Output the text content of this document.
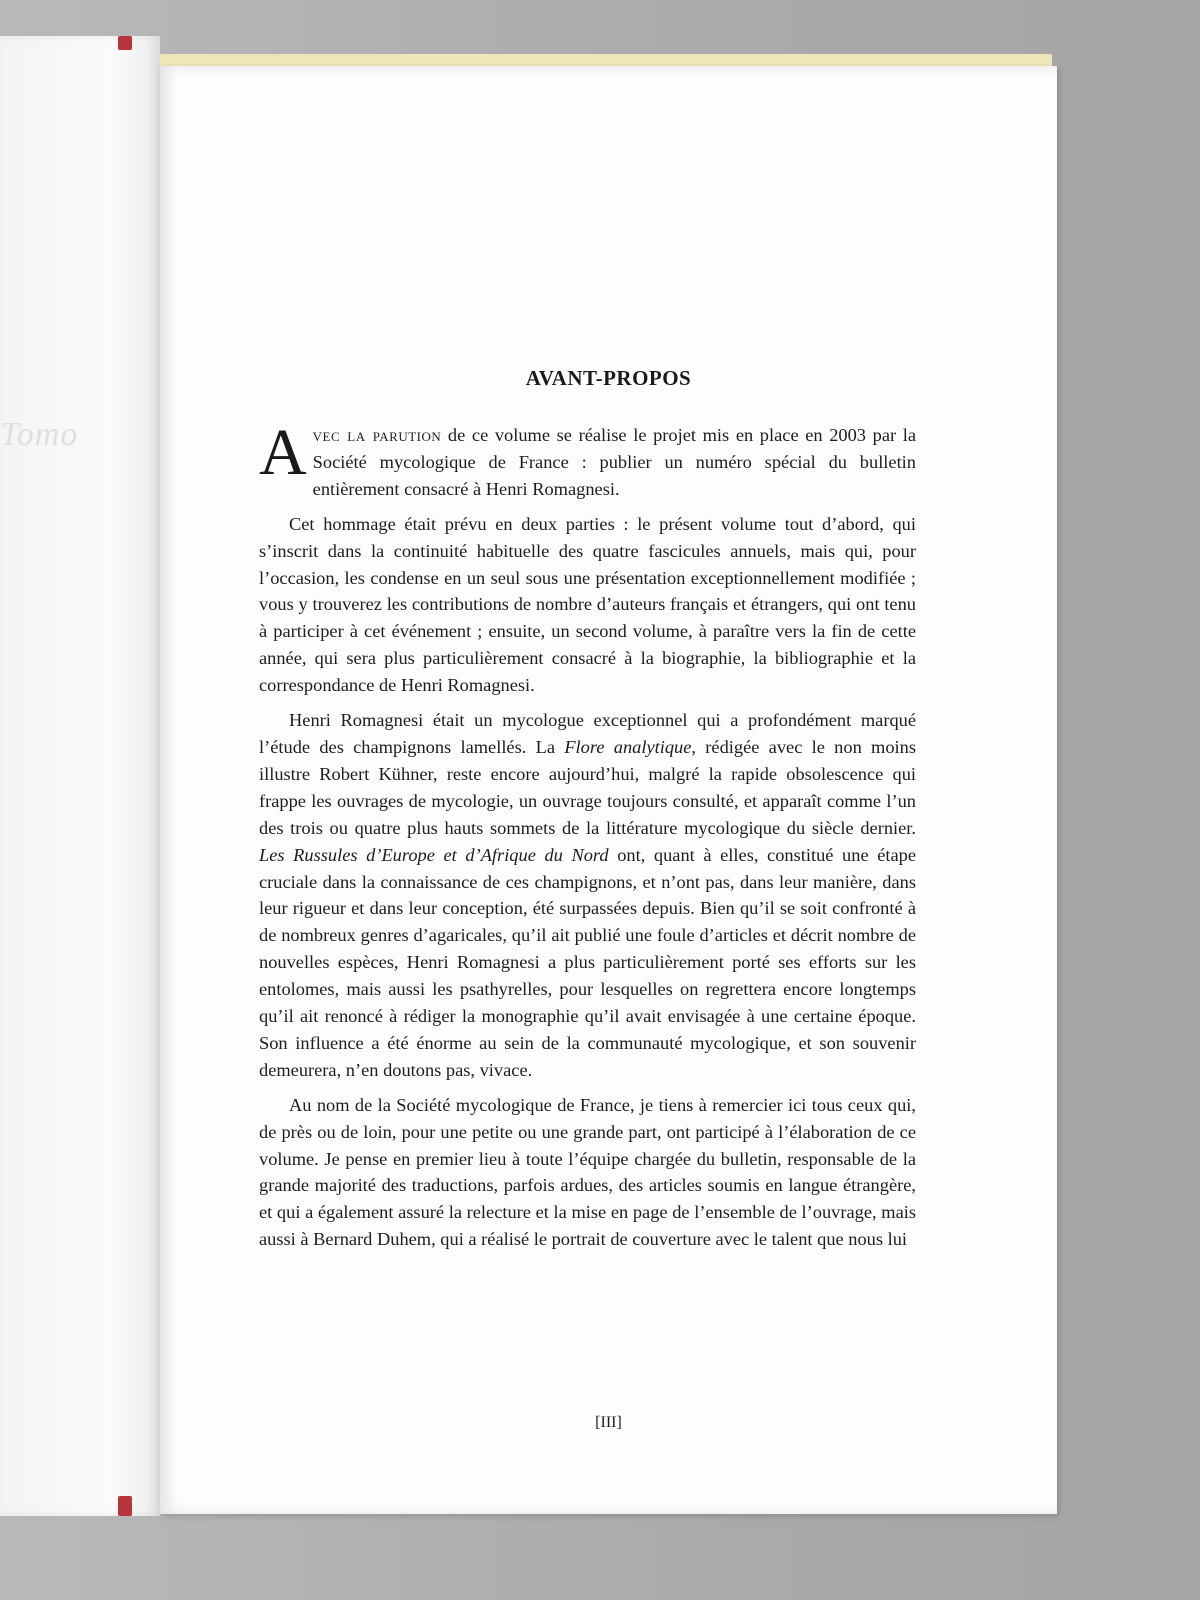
Tomo
AVANT-PROPOS

Avec la parution de ce volume se réalise le projet mis en place en 2003 par la Société mycologique de France : publier un numéro spécial du bulletin entièrement consacré à Henri Romagnesi.

Cet hommage était prévu en deux parties : le présent volume tout d’abord, qui s’inscrit dans la continuité habituelle des quatre fascicules annuels, mais qui, pour l’occasion, les condense en un seul sous une présentation exceptionnellement modifiée ; vous y trouverez les contributions de nombre d’auteurs français et étrangers, qui ont tenu à participer à cet événement ; ensuite, un second volume, à paraître vers la fin de cette année, qui sera plus particulièrement consacré à la biographie, la bibliographie et la correspondance de Henri Romagnesi.

Henri Romagnesi était un mycologue exceptionnel qui a profondément marqué l’étude des champignons lamellés. La Flore analytique, rédigée avec le non moins illustre Robert Kühner, reste encore aujourd’hui, malgré la rapide obsolescence qui frappe les ouvrages de mycologie, un ouvrage toujours consulté, et apparaît comme l’un des trois ou quatre plus hauts sommets de la littérature mycologique du siècle dernier. Les Russules d’Europe et d’Afrique du Nord ont, quant à elles, constitué une étape cruciale dans la connaissance de ces champignons, et n’ont pas, dans leur manière, dans leur rigueur et dans leur conception, été surpassées depuis. Bien qu’il se soit confronté à de nombreux genres d’agaricales, qu’il ait publié une foule d’articles et décrit nombre de nouvelles espèces, Henri Romagnesi a plus particulièrement porté ses efforts sur les entolomes, mais aussi les psathyrelles, pour lesquelles on regrettera encore longtemps qu’il ait renoncé à rédiger la monographie qu’il avait envisagée à une certaine époque. Son influence a été énorme au sein de la communauté mycologique, et son souvenir demeurera, n’en doutons pas, vivace.

Au nom de la Société mycologique de France, je tiens à remercier ici tous ceux qui, de près ou de loin, pour une petite ou une grande part, ont participé à l’élaboration de ce volume. Je pense en premier lieu à toute l’équipe chargée du bulletin, responsable de la grande majorité des traductions, parfois ardues, des articles soumis en langue étrangère, et qui a également assuré la relecture et la mise en page de l’ensemble de l’ouvrage, mais aussi à Bernard Duhem, qui a réalisé le portrait de couverture avec le talent que nous lui

[III]
